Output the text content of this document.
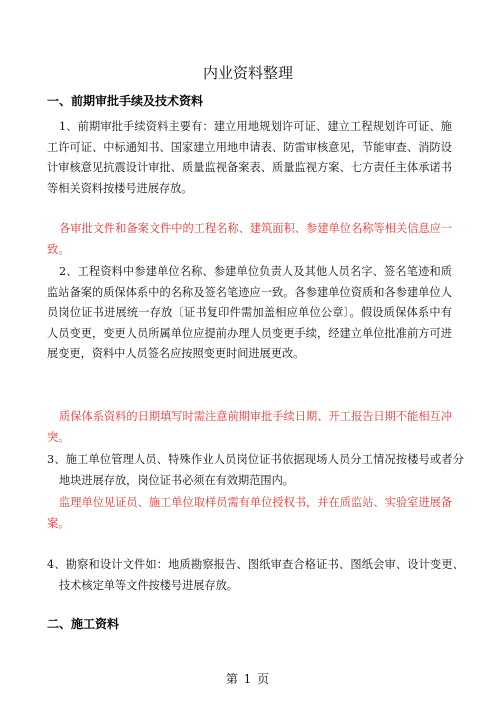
内业资料整理
一、前期审批手续及技术资料
1、前期审批手续资料主要有：建立用地规划许可证、建立工程规划许可证、施工许可证、中标通知书、国家建立用地申请表、防雷审核意见，节能审查、消防设计审核意见抗震设计审批、质量监视备案表、质量监视方案、七方责任主体承诺书等相关资料按楼号进展存放。
各审批文件和备案文件中的工程名称、建筑面积、参建单位名称等相关信息应一致。
2、工程资料中参建单位名称、参建单位负责人及其他人员名字、签名笔迹和质监站备案的质保体系中的名称及签名笔迹应一致。各参建单位资质和各参建单位人员岗位证书进展统一存放〔证书复印件需加盖相应单位公章〕。假设质保体系中有人员变更，变更人员所属单位应提前办理人员变更手续，经建立单位批准前方可进展变更，资料中人员签名应按照变更时间进展更改。
质保体系资料的日期填写时需注意前期审批手续日期、开工报告日期不能相互冲突。
3、施工单位管理人员、特殊作业人员岗位证书依据现场人员分工情况按楼号或者分地块进展存放，岗位证书必须在有效期范围内。
监理单位见证员、施工单位取样员需有单位授权书，并在质监站、实验室进展备案。
4、勘察和设计文件如：地质勘察报告、图纸审查合格证书、图纸会审、设计变更、技术核定单等文件按楼号进展存放。
二、施工资料
第 1 页
